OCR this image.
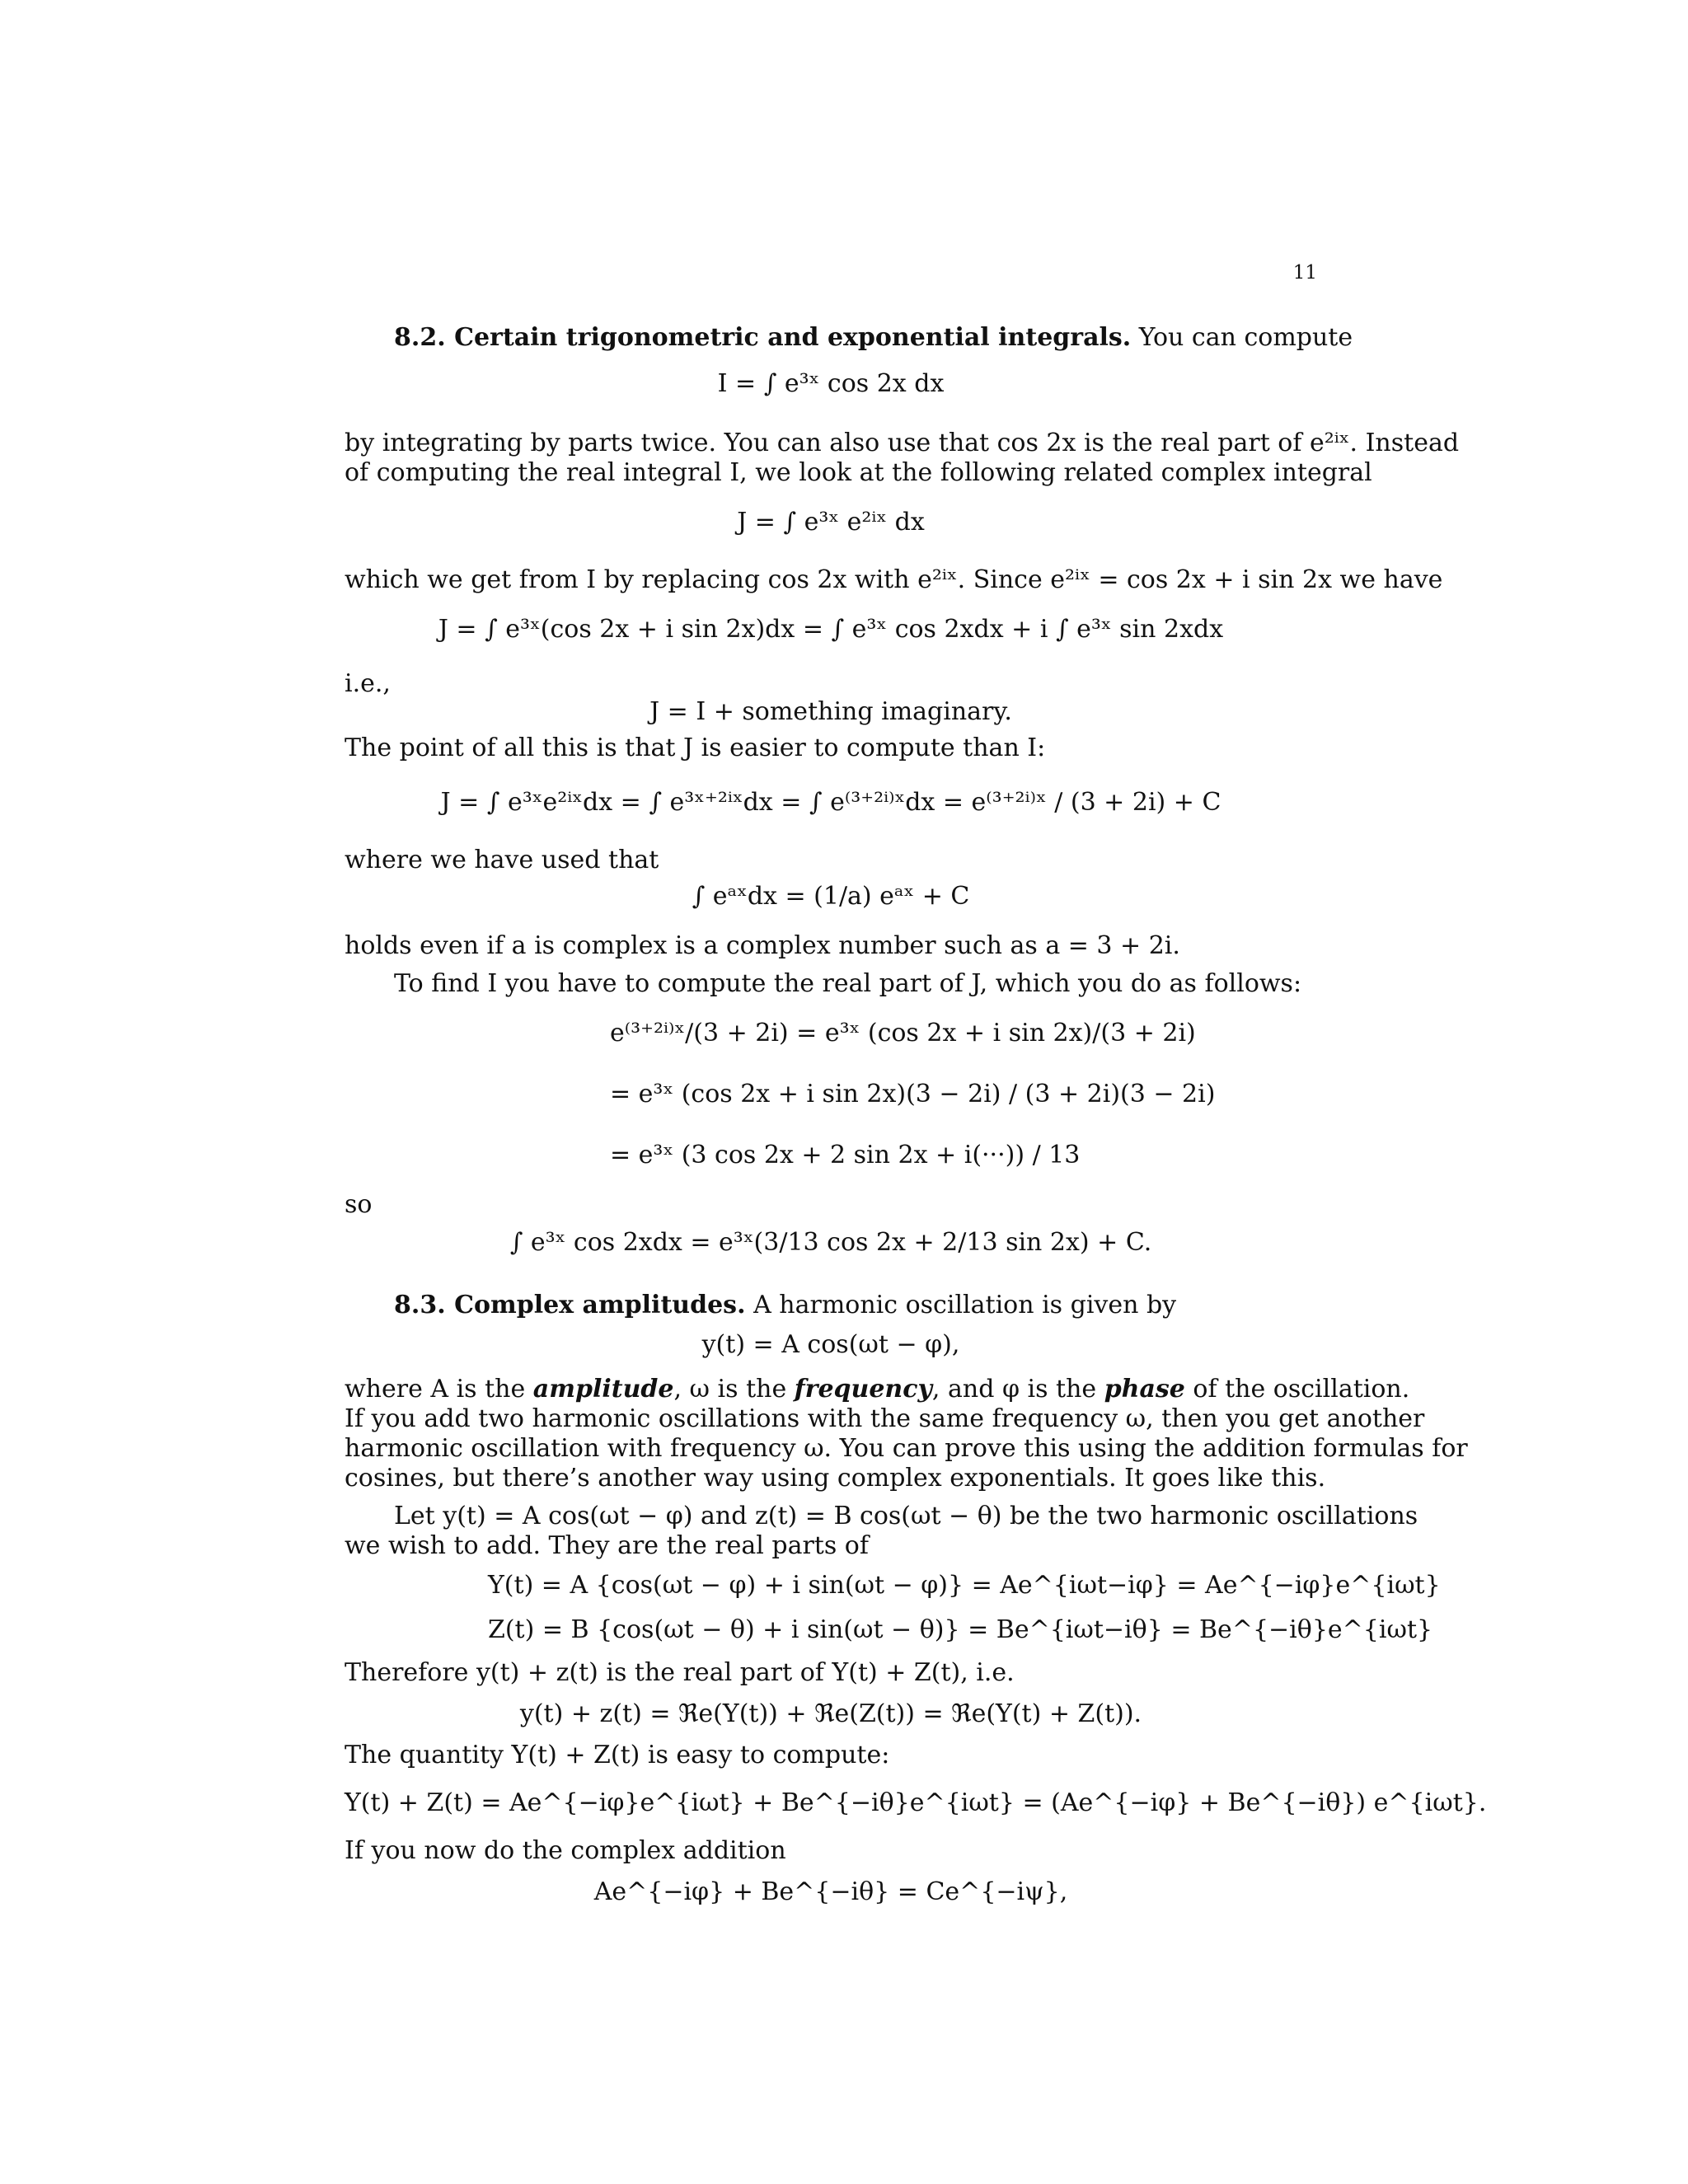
11
8.2. Certain trigonometric and exponential integrals. You can compute
I = ∫ e³ˣ cos 2x dx
by integrating by parts twice. You can also use that cos 2x is the real part of e²ⁱˣ. Instead
of computing the real integral I, we look at the following related complex integral
J = ∫ e³ˣ e²ⁱˣ dx
which we get from I by replacing cos 2x with e²ⁱˣ. Since e²ⁱˣ = cos 2x + i sin 2x we have
J = ∫ e³ˣ(cos 2x + i sin 2x)dx = ∫ e³ˣ cos 2xdx + i ∫ e³ˣ sin 2xdx
i.e.,
J = I + something imaginary.
The point of all this is that J is easier to compute than I:
J = ∫ e³ˣe²ⁱˣdx = ∫ e³ˣ⁺²ⁱˣdx = ∫ e⁽³⁺²ⁱ⁾ˣdx = e⁽³⁺²ⁱ⁾ˣ / (3 + 2i) + C
where we have used that
∫ eᵃˣdx = (1/a) eᵃˣ + C
holds even if a is complex is a complex number such as a = 3 + 2i.
To find I you have to compute the real part of J, which you do as follows:
e⁽³⁺²ⁱ⁾ˣ/(3 + 2i) = e³ˣ (cos 2x + i sin 2x)/(3 + 2i)
= e³ˣ (cos 2x + i sin 2x)(3 − 2i) / (3 + 2i)(3 − 2i)
= e³ˣ (3 cos 2x + 2 sin 2x + i(···)) / 13
so
∫ e³ˣ cos 2xdx = e³ˣ(3/13 cos 2x + 2/13 sin 2x) + C.
8.3. Complex amplitudes. A harmonic oscillation is given by
y(t) = A cos(ωt − φ),
where A is the amplitude, ω is the frequency, and φ is the phase of the oscillation.
If you add two harmonic oscillations with the same frequency ω, then you get another
harmonic oscillation with frequency ω. You can prove this using the addition formulas for
cosines, but there’s another way using complex exponentials. It goes like this.
Let y(t) = A cos(ωt − φ) and z(t) = B cos(ωt − θ) be the two harmonic oscillations
we wish to add. They are the real parts of
Y(t) = A {cos(ωt − φ) + i sin(ωt − φ)} = Ae^{iωt−iφ} = Ae^{−iφ}e^{iωt}
Z(t) = B {cos(ωt − θ) + i sin(ωt − θ)} = Be^{iωt−iθ} = Be^{−iθ}e^{iωt}
Therefore y(t) + z(t) is the real part of Y(t) + Z(t), i.e.
y(t) + z(t) = ℜe(Y(t)) + ℜe(Z(t)) = ℜe(Y(t) + Z(t)).
The quantity Y(t) + Z(t) is easy to compute:
Y(t) + Z(t) = Ae^{−iφ}e^{iωt} + Be^{−iθ}e^{iωt} = (Ae^{−iφ} + Be^{−iθ}) e^{iωt}.
If you now do the complex addition
Ae^{−iφ} + Be^{−iθ} = Ce^{−iψ},
